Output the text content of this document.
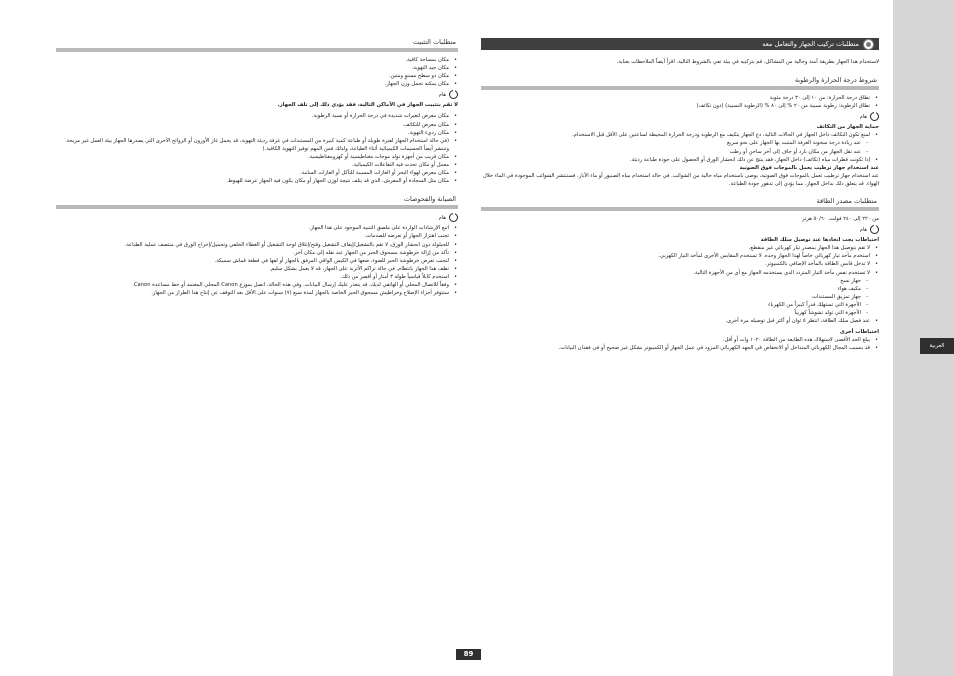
متطلبات التثبيت
• مكان بمساحة كافية.
• مكان جيد التهوية.
• مكان ذو سطح مستوٍ ومتين.
• مكان يمكنه تحمل وزن الجهاز.
هام

لا تقم بتثبيت الجهاز في الأماكن التالية، فقد يؤدي ذلك إلى تلف الجهاز.

• مكان معرض لتغيرات شديدة في درجة الحرارة أو نسبة الرطوبة.
• مكان معرض للتكاثف.
• مكان رديء التهوية.
• (في حالة استخدام الجهاز لفترة طويلة أو طباعة كمية كبيرة من المستندات في غرفة رديئة التهوية، قد يحمل غاز الأوزون أو الروائح الأخرى التي يصدرها الجهاز بيئة العمل غير مريحة. وتنتشر أيضاً الجسيمات الكيميائية أثناء الطباعة، ولذلك فمن المهم توفير التهوية الكافية.)
• مكان قريب من أجهزة تولد موجات مغناطيسية أو كهرومغناطيسية.
• معمل أو مكان تحدث فيه التفاعلات الكيميائية.
• مكان معرض لهواء البحر أو الغازات المسببة للتآكل أو الغازات السامة.
• مكان مثل السجادة أو المفرش، الذي قد يتلف نتيجة لوزن الجهاز أو مكان يكون فيه الجهاز عرضة للهبوط.
الصيانة والفحوصات
هام
• اتبع الإرشادات الواردة على ملصق التنبيه الموجود على هذا الجهاز.
• تجنب اهتزاز الجهاز أو تعرضه للصدمات.
• للحيلولة دون انحشار الورق، لا تقم بالتشغيل/إيقاف التشغيل وفتح/إغلاق لوحة التشغيل أو الغطاء الخلفي وتحميل/إخراج الورق في منتصف عملية الطباعة.
• تأكد من إزالة خرطوشة مسحوق الحبر من الجهاز عند نقله إلى مكان آخر.
• لتجنب تعرض خرطوشة الحبر للضوء، ضعها في الكيس الواقي المرفق بالجهاز أو لفها في قطعة قماش سميكة.
• نظف هذا الجهاز بانتظام. في حالة تراكم الأتربة على الجهاز، قد لا يعمل بشكل سليم.
• استخدم كابلاً قياسياً طوله ۳ أمتار أو أقصر من ذلك.
• وفقاً للاتصال المحلي أو الهاتفي لديك، قد يتعذر عليك إرسال البيانات. وفي هذه الحالة، اتصل بموزع Canon المحلي المعتمد أو خط مساعدة Canon.
• ستتوفر أجزاء الإصلاح وخراطيش مسحوق الحبر الخاصة بالجهاز لمدة سبع (۷) سنوات على الأقل بعد التوقف عن إنتاج هذا الطراز من الجهاز.
متطلبات تركيب الجهاز والتعامل معه

لاستخدام هذا الجهاز بطريقة آمنة وخالية من المشاكل، قم بتركيبه في بيئة تفي بالشروط التالية. اقرأ أيضاً الملاحظات بعناية.

شروط درجة الحرارة والرطوبة
• نطاق درجة الحرارة: من ۱۰ إلى ۳۰ درجة مئوية
• نطاق الرطوبة: رطوبة نسبية من ۲۰ % إلى ۸۰ % (الرطوبة النسبية) (دون تكاثف)
هام

حماية الجهاز من التكاثف

• لمنع تكون التكاثف داخل الجهاز في الحالات التالية، دع الجهاز يتكيف مع الرطوبة ودرجة الحرارة المحيطة لساعتين على الأقل قبل الاستخدام.
- عند زيادة درجة سخونة الغرفة المثبت بها الجهاز على نحو سريع
- عند نقل الجهاز من مكان بارد أو جاف إلى آخر ساخن أو رطب
• إذا تكونت قطرات مياه (تكاثف) داخل الجهاز، فقد ينتج عن ذلك انحشار الورق أو الحصول على جودة طباعة رديئة.

عند استخدام جهاز ترطيب يعمل بالموجات فوق الصوتية

عند استخدام جهاز ترطيب تعمل بالموجات فوق الصوتية، يوصى باستخدام مياه خالية من الشوائب. في حالة استخدام مياه الصنبور أو ماء الآبار، فستنتشر الشوائب الموجودة في الماء خلال الهواء. قد يتعلق ذلك بداخل الجهاز، مما يؤدي إلى تدهور جودة الطباعة.

متطلبات مصدر الطاقة

من ۲۲۰ إلى ۲٤۰ فولت، ٥۰/٦۰ هرتز

هام

احتياطات يجب اتخاذها عند توصيل سلك الطاقة

• لا تقم بتوصيل هذا الجهاز بمصدر تيار كهربائي غير منقطع.
• استخدم مأخذ تيار كهربائي خاصاً لهذا الجهاز وحده. لا تستخدم المقابس الأخرى لمأخذ التيار الكهربي.
• لا تدخل قابس الطاقة بالمأخذ الإضافي بالكمبيوتر.
• لا تستخدم نفس مأخذ التيار المتردد الذي يستخدمه الجهاز مع أي من الأجهزة التالية.
- جهاز نسخ
- مكيف هواء
- جهاز تمزيق المستندات
- الأجهزة التي تستهلك قدراً كبيراً من الكهرباء
- الأجهزة التي تولد تشوشاً كهربياً
• عند فصل سلك الطاقة، انتظر ٥ ثوان أو أكثر قبل توصيله مرة أخرى.

احتياطات أخرى

• يبلغ الحد الأقصى لاستهلاك هذه الطابعة من الطاقة ۱۰۲۰ وات أو أقل.
• قد يتسبب المجال الكهربائي المتداخل أو الانخفاض في الجهد الكهربائي المزود في عمل الجهاز أو الكمبيوتر بشكل غير صحيح أو في فقدان البيانات.	العربية
89
